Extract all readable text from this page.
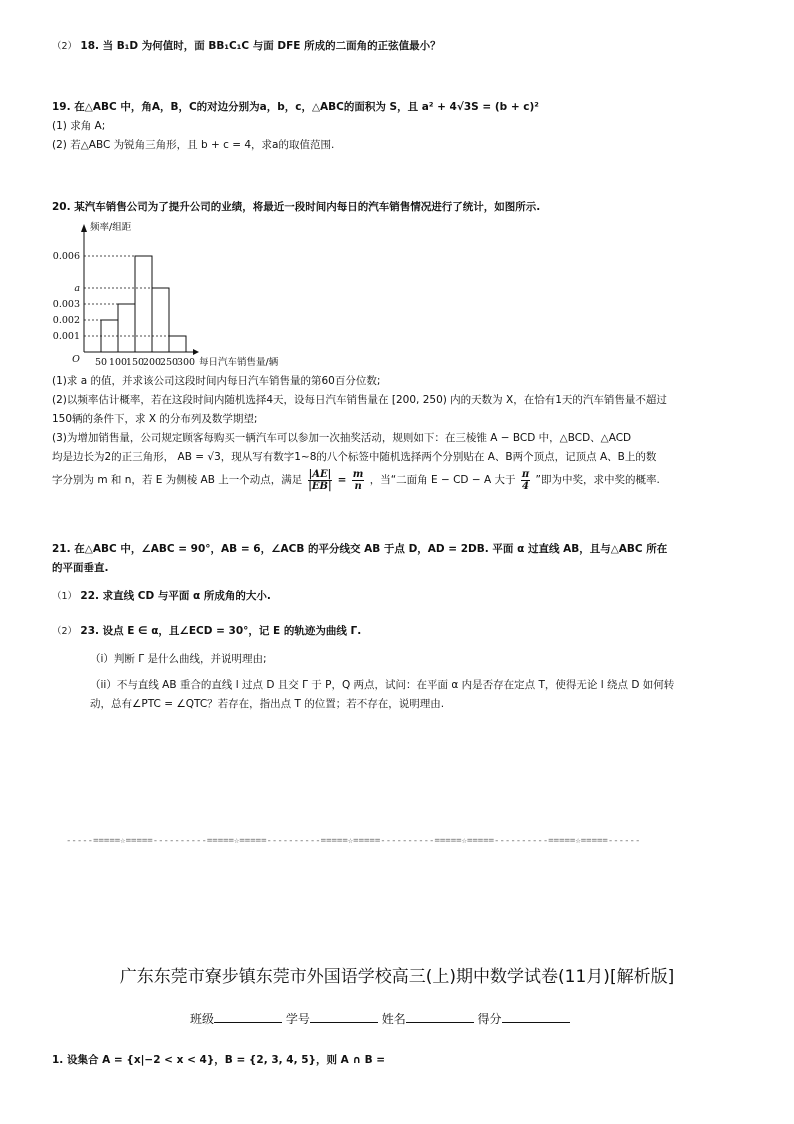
（2） 18. 当 B₁D 为何值时，面 BB₁C₁C 与面 DFE 所成的二面角的正弦值最小？
19. 在△ABC 中，角A，B，C的对边分别为a，b，c，△ABC的面积为 S，且 a² + 4√3S = (b + c)²
(1) 求角 A;
(2) 若△ABC 为锐角三角形，且 b + c = 4，求a的取值范围.
20. 某汽车销售公司为了提升公司的业绩，将最近一段时间内每日的汽车销售情况进行了统计，如图所示.
0.001
0.002
0.003
a
0.006
50 100
150
200
250
300
O
频率/组距
每日汽车销售量/辆
(1)求 a 的值，并求该公司这段时间内每日汽车销售量的第60百分位数;
(2)以频率估计概率，若在这段时间内随机选择4天，设每日汽车销售量在 [200, 250) 内的天数为 X，在恰有1天的汽车销售量不超过
150辆的条件下，求 X 的分布列及数学期望;
(3)为增加销售量，公司规定顾客每购买一辆汽车可以参加一次抽奖活动，规则如下：在三棱锥 A − BCD 中，△BCD、△ACD
均是边长为2的正三角形， AB = √3，现从写有数字1~8的八个标签中随机选择两个分别贴在 A、B两个顶点，记顶点 A、B上的数
字分别为 m 和 n，若 E 为侧棱 AB 上一个动点，满足 $\frac{|AE|}{|EB|} = \frac{m}{n}$ ，当“二面角 E − CD − A 大于 $\frac{\pi}{4}$ ”即为中奖，求中奖的概率.
21. 在△ABC 中，∠ABC = 90°，AB = 6，∠ACB 的平分线交 AB 于点 D，AD = 2DB. 平面 α 过直线 AB，且与△ABC 所在
的平面垂直.
（1） 22. 求直线 CD 与平面 α 所成角的大小.
（2） 23. 设点 E ∈ α，且∠ECD = 30°，记 E 的轨迹为曲线 Γ.
（i）判断 Γ 是什么曲线，并说明理由;
（ii）不与直线 AB 重合的直线 l 过点 D 且交 Γ 于 P，Q 两点，试问：在平面 α 内是否存在定点 T，使得无论 l 绕点 D 如何转
动，总有∠PTC = ∠QTC？若存在，指出点 T 的位置；若不存在，说明理由.
-----=====☆=====----------=====☆=====----------=====☆=====----------=====☆=====----------=====☆=====------
广东东莞市寮步镇东莞市外国语学校高三(上)期中数学试卷(11月)[解析版]
班级	学号	姓名	得分
1. 设集合 A = {x|−2 < x < 4}，B = {2, 3, 4, 5}，则 A ∩ B =
